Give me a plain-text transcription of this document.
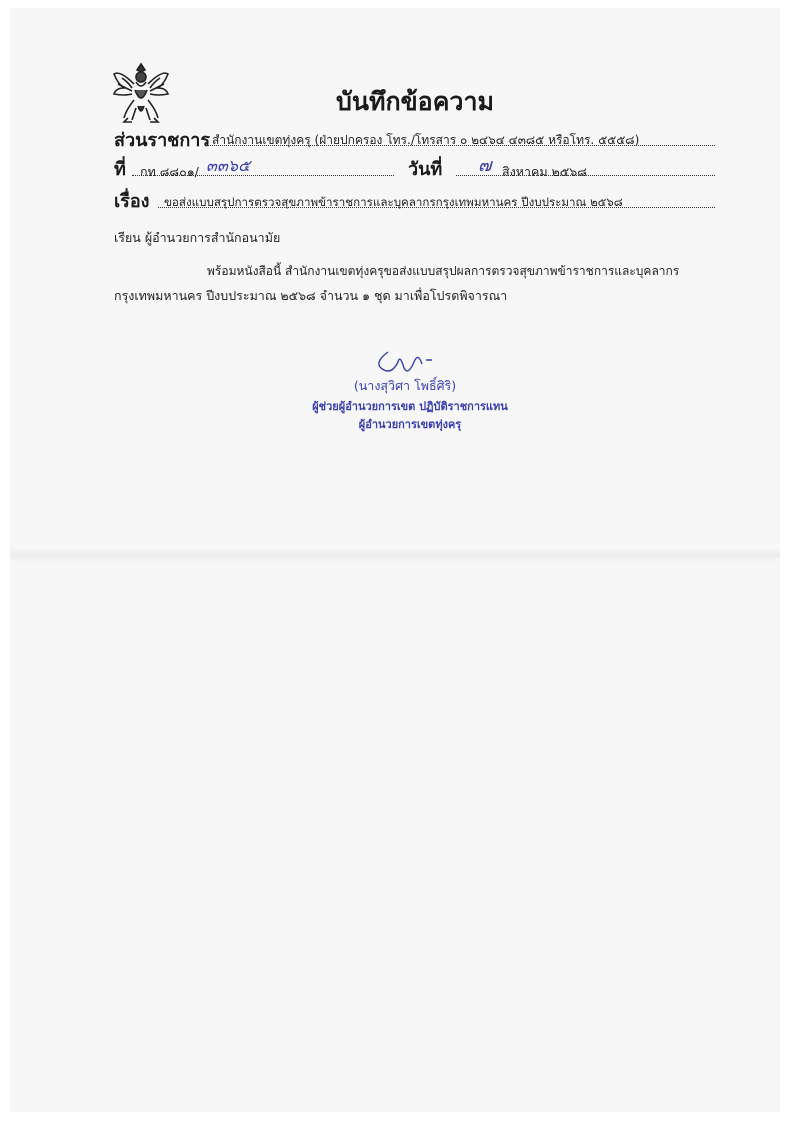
บันทึกข้อความ
ส่วนราชการ สำนักงานเขตทุ่งครุ (ฝ่ายปกครอง โทร./โทรสาร ๐ ๒๔๖๔ ๔๓๘๕ หรือโทร. ๕๕๕๘)
ที่ กท ๘๘๐๑/ ๓๓๖๕	วันที่ ๗ สิงหาคม ๒๕๖๘
เรื่อง ขอส่งแบบสรุปการตรวจสุขภาพข้าราชการและบุคลากรกรุงเทพมหานคร ปีงบประมาณ ๒๕๖๘
เรียน ผู้อำนวยการสำนักอนามัย
พร้อมหนังสือนี้ สำนักงานเขตทุ่งครุขอส่งแบบสรุปผลการตรวจสุขภาพข้าราชการและบุคลากร
กรุงเทพมหานคร ปีงบประมาณ ๒๕๖๘ จำนวน ๑ ชุด มาเพื่อโปรดพิจารณา
(นางสุวิศา โพธิ์ศิริ)
ผู้ช่วยผู้อำนวยการเขต ปฏิบัติราชการแทน
ผู้อำนวยการเขตทุ่งครุ
